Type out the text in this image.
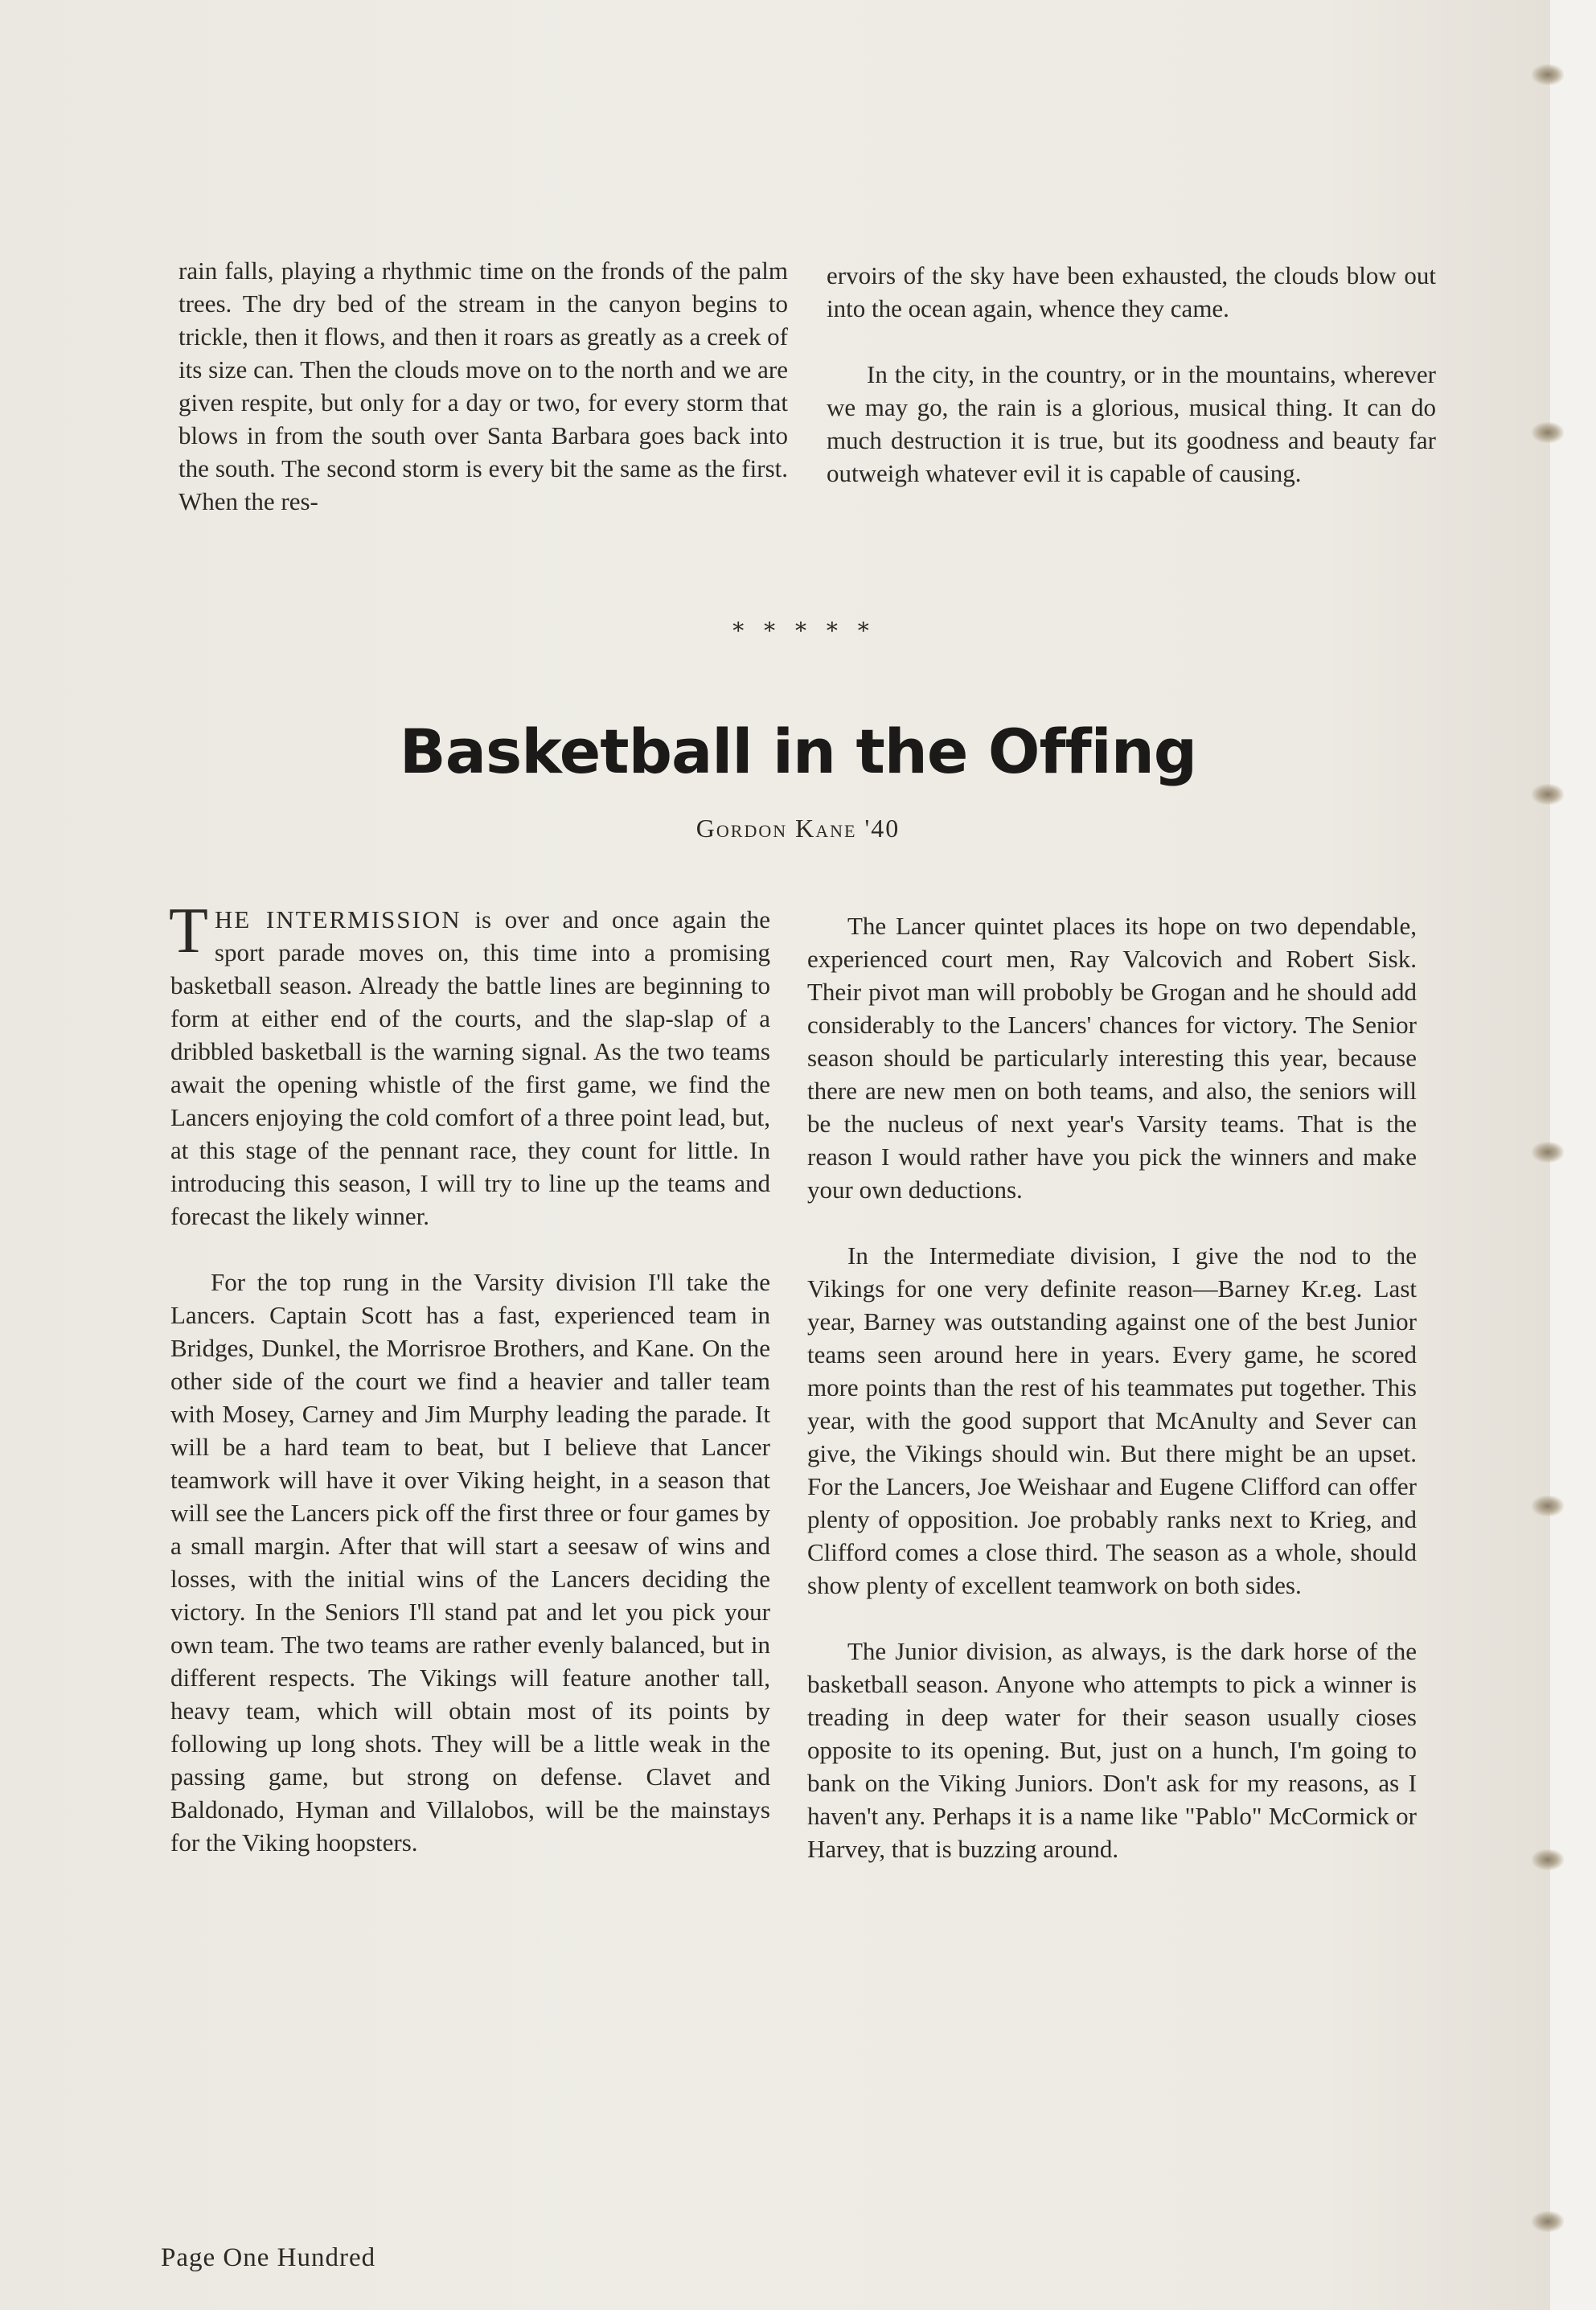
rain falls, playing a rhythmic time on the fronds of the palm trees. The dry bed of the stream in the canyon begins to trickle, then it flows, and then it roars as greatly as a creek of its size can. Then the clouds move on to the north and we are given respite, but only for a day or two, for every storm that blows in from the south over Santa Barbara goes back into the south. The second storm is every bit the same as the first. When the res-

ervoirs of the sky have been exhausted, the clouds blow out into the ocean again, whence they came.

In the city, in the country, or in the mountains, wherever we may go, the rain is a glorious, musical thing. It can do much destruction it is true, but its goodness and beauty far outweigh whatever evil it is capable of causing.

* * * * *
Basketball in the Offing
Gordon Kane '40

THE INTERMISSION is over and once again the sport parade moves on, this time into a promising basketball season. Already the battle lines are beginning to form at either end of the courts, and the slap-slap of a dribbled basketball is the warning signal. As the two teams await the opening whistle of the first game, we find the Lancers enjoying the cold comfort of a three point lead, but, at this stage of the pennant race, they count for little. In introducing this season, I will try to line up the teams and forecast the likely winner.

For the top rung in the Varsity division I'll take the Lancers. Captain Scott has a fast, experienced team in Bridges, Dunkel, the Morrisroe Brothers, and Kane. On the other side of the court we find a heavier and taller team with Mosey, Carney and Jim Murphy leading the parade. It will be a hard team to beat, but I believe that Lancer teamwork will have it over Viking height, in a season that will see the Lancers pick off the first three or four games by a small margin. After that will start a seesaw of wins and losses, with the initial wins of the Lancers deciding the victory. In the Seniors I'll stand pat and let you pick your own team. The two teams are rather evenly balanced, but in different respects. The Vikings will feature another tall, heavy team, which will obtain most of its points by following up long shots. They will be a little weak in the passing game, but strong on defense. Clavet and Baldonado, Hyman and Villalobos, will be the mainstays for the Viking hoopsters.

The Lancer quintet places its hope on two dependable, experienced court men, Ray Valcovich and Robert Sisk. Their pivot man will probobly be Grogan and he should add considerably to the Lancers' chances for victory. The Senior season should be particularly interesting this year, because there are new men on both teams, and also, the seniors will be the nucleus of next year's Varsity teams. That is the reason I would rather have you pick the winners and make your own deductions.

In the Intermediate division, I give the nod to the Vikings for one very definite reason—Barney Kr.eg. Last year, Barney was outstanding against one of the best Junior teams seen around here in years. Every game, he scored more points than the rest of his teammates put together. This year, with the good support that McAnulty and Sever can give, the Vikings should win. But there might be an upset. For the Lancers, Joe Weishaar and Eugene Clifford can offer plenty of opposition. Joe probably ranks next to Krieg, and Clifford comes a close third. The season as a whole, should show plenty of excellent teamwork on both sides.

The Junior division, as always, is the dark horse of the basketball season. Anyone who attempts to pick a winner is treading in deep water for their season usually cioses opposite to its opening. But, just on a hunch, I'm going to bank on the Viking Juniors. Don't ask for my reasons, as I haven't any. Perhaps it is a name like "Pablo" McCormick or Harvey, that is buzzing around.

Page One Hundred
